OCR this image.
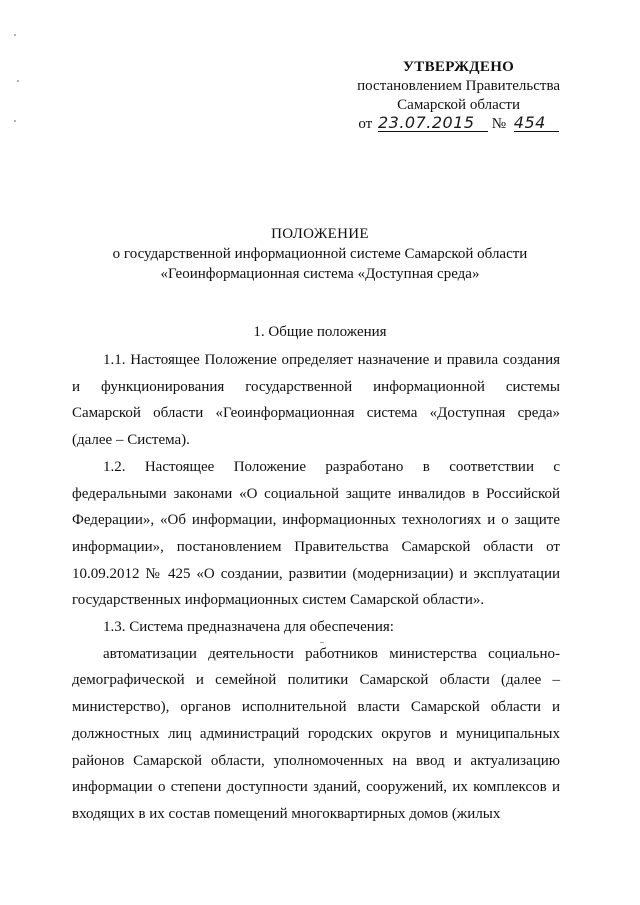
УТВЕРЖДЕНО
постановлением Правительства
Самарской области
от 23.07.2015 № 454
ПОЛОЖЕНИЕ
о государственной информационной системе Самарской области
«Геоинформационная система «Доступная среда»
1. Общие положения

1.1. Настоящее Положение определяет назначение и правила создания и функционирования государственной информационной системы Самарской области «Геоинформационная система «Доступная среда» (далее – Система).

1.2. Настоящее Положение разработано в соответствии с федеральными законами «О социальной защите инвалидов в Российской Федерации», «Об информации, информационных технологиях и о защите информации», постановлением Правительства Самарской области от 10.09.2012 № 425 «О создании, развитии (модернизации) и эксплуатации государственных информационных систем Самарской области».

1.3. Система предназначена для обеспечения:

автоматизации деятельности работников министерства социально-демографической и семейной политики Самарской области (далее – министерство), органов исполнительной власти Самарской области и должностных лиц администраций городских округов и муниципальных районов Самарской области, уполномоченных на ввод и актуализацию информации о степени доступности зданий, сооружений, их комплексов и входящих в их состав помещений многоквартирных домов (жилых
